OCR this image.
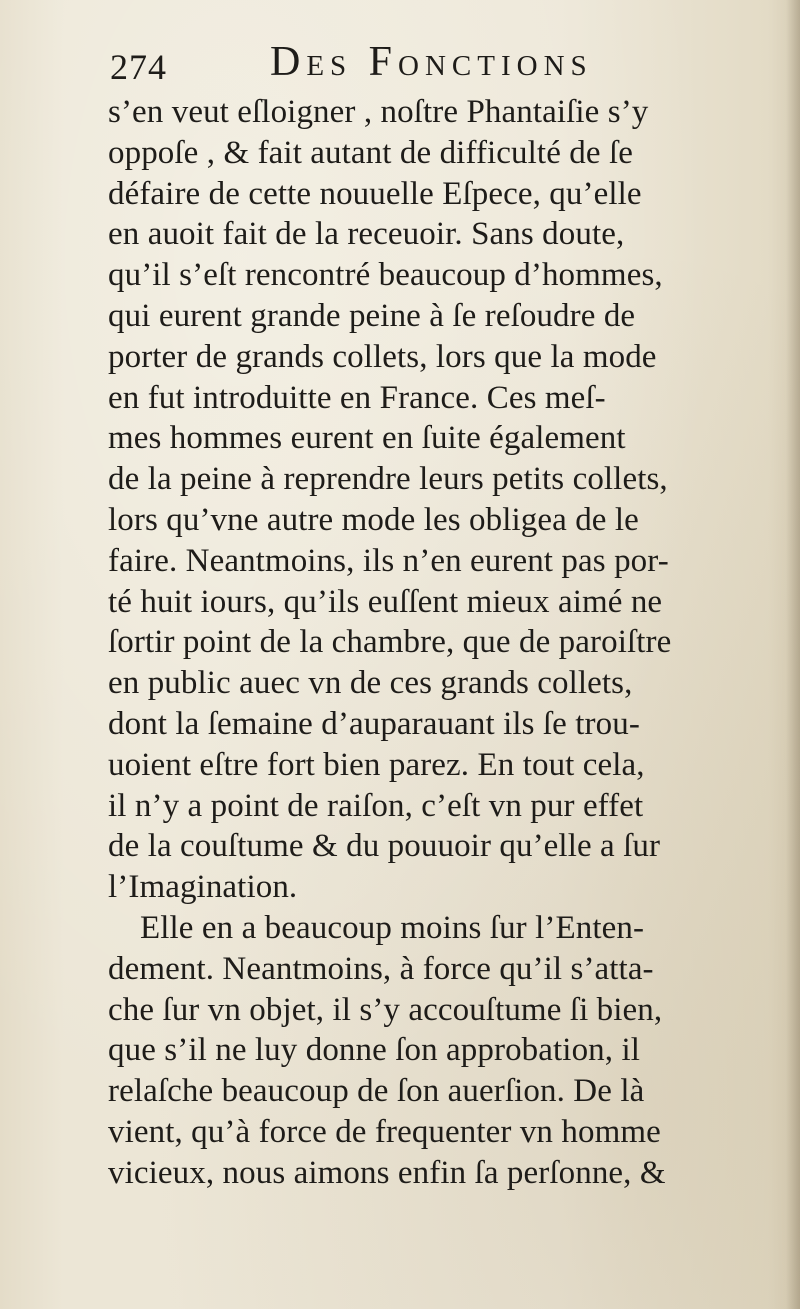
274 Des Fonctions
s’en veut eſloigner , noſtre Phantaiſie s’y
oppoſe , & fait autant de difficulté de ſe
défaire de cette nouuelle Eſpece, qu’elle
en auoit fait de la receuoir. Sans doute,
qu’il s’eſt rencontré beaucoup d’hommes,
qui eurent grande peine à ſe reſoudre de
porter de grands collets, lors que la mode
en fut introduitte en France. Ces meſ-
mes hommes eurent en ſuite également
de la peine à reprendre leurs petits collets,
lors qu’vne autre mode les obligea de le
faire. Neantmoins, ils n’en eurent pas por-
té huit iours, qu’ils euſſent mieux aimé ne
ſortir point de la chambre, que de paroiſtre
en public auec vn de ces grands collets,
dont la ſemaine d’auparauant ils ſe trou-
uoient eſtre fort bien parez. En tout cela,
il n’y a point de raiſon, c’eſt vn pur effet
de la couſtume & du pouuoir qu’elle a ſur
l’Imagination.
Elle en a beaucoup moins ſur l’Enten-
dement. Neantmoins, à force qu’il s’atta-
che ſur vn objet, il s’y accouſtume ſi bien,
que s’il ne luy donne ſon approbation, il
relaſche beaucoup de ſon auerſion. De là
vient, qu’à force de frequenter vn homme
vicieux, nous aimons enfin ſa perſonne, &
